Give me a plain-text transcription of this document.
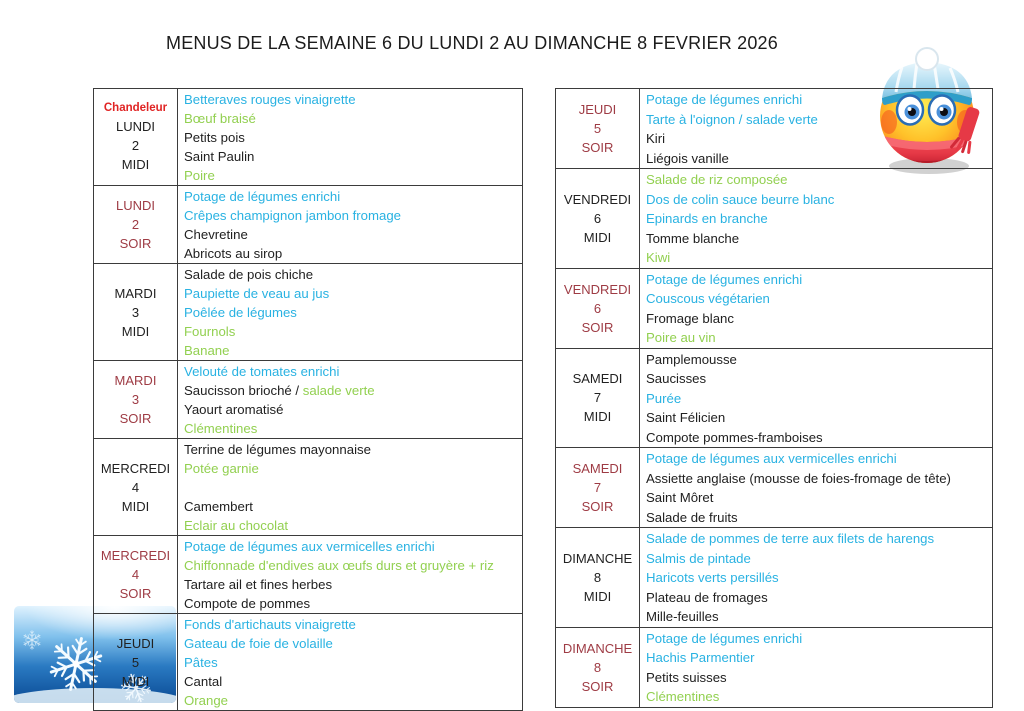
MENUS DE LA SEMAINE 6 DU LUNDI 2 AU DIMANCHE 8 FEVRIER 2026
Chandeleur
LUNDI
2
MIDI
Betteraves rouges vinaigrette
Bœuf braisé
Petits pois
Saint Paulin
Poire
LUNDI
2
SOIR
Potage de légumes enrichi
Crêpes champignon jambon fromage
Chevretine
Abricots au sirop
MARDI
3
MIDI
Salade de pois chiche
Paupiette de veau au jus
Poêlée de légumes
Fournols
Banane
MARDI
3
SOIR
Velouté de tomates enrichi
Saucisson brioché / salade verte
Yaourt aromatisé
Clémentines
MERCREDI
4
MIDI
Terrine de légumes mayonnaise
Potée garnie

Camembert
Eclair au chocolat
MERCREDI
4
SOIR
Potage de légumes aux vermicelles enrichi
Chiffonnade d'endives aux œufs durs et gruyère + riz
Tartare ail et fines herbes
Compote de pommes
JEUDI
5
MIDI
Fonds d'artichauts vinaigrette
Gateau de foie de volaille
Pâtes
Cantal
Orange
JEUDI
5
SOIR
Potage de légumes enrichi
Tarte à l'oignon / salade verte
Kiri
Liégois vanille
VENDREDI
6
MIDI
Salade de riz composée
Dos de colin sauce beurre blanc
Epinards en branche
Tomme blanche
Kiwi
VENDREDI
6
SOIR
Potage de légumes enrichi
Couscous végétarien
Fromage blanc
Poire au vin
SAMEDI
7
MIDI
Pamplemousse
Saucisses
Purée
Saint Félicien
Compote pommes-framboises
SAMEDI
7
SOIR
Potage de légumes aux vermicelles enrichi
Assiette anglaise (mousse de foies-fromage de tête)
Saint Môret
Salade de fruits
DIMANCHE
8
MIDI
Salade de pommes de terre aux filets de harengs
Salmis de pintade
Haricots verts persillés
Plateau de fromages
Mille-feuilles
DIMANCHE
8
SOIR
Potage de légumes enrichi
Hachis Parmentier
Petits suisses
Clémentines
